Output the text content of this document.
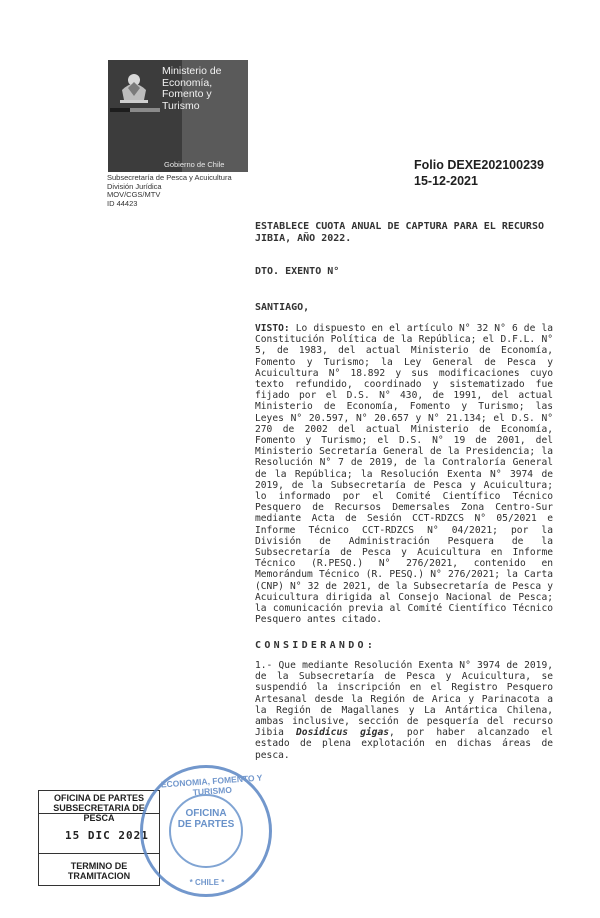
Ministerio de Economía, Fomento y Turismo
Gobierno de Chile
Subsecretaría de Pesca y Acuicultura
División Jurídica
MOV/CGS/MTV
ID 44423
Folio DEXE202100239
15-12-2021
ESTABLECE CUOTA ANUAL DE CAPTURA PARA EL RECURSO JIBIA, AÑO 2022.
DTO. EXENTO N°
SANTIAGO,
VISTO: Lo dispuesto en el artículo N° 32 N° 6 de la Constitución Política de la República; el D.F.L. N° 5, de 1983, del actual Ministerio de Economía, Fomento y Turismo; la Ley General de Pesca y Acuicultura N° 18.892 y sus modificaciones cuyo texto refundido, coordinado y sistematizado fue fijado por el D.S. N° 430, de 1991, del actual Ministerio de Economía, Fomento y Turismo; las Leyes N° 20.597, N° 20.657 y N° 21.134; el D.S. N° 270 de 2002 del actual Ministerio de Economía, Fomento y Turismo; el D.S. N° 19 de 2001, del Ministerio Secretaría General de la Presidencia; la Resolución N° 7 de 2019, de la Contraloría General de la República; la Resolución Exenta N° 3974 de 2019, de la Subsecretaría de Pesca y Acuicultura; lo informado por el Comité Científico Técnico Pesquero de Recursos Demersales Zona Centro-Sur mediante Acta de Sesión CCT-RDZCS N° 05/2021 e Informe Técnico CCT-RDZCS N° 04/2021; por la División de Administración Pesquera de la Subsecretaría de Pesca y Acuicultura en Informe Técnico (R.PESQ.) N° 276/2021, contenido en Memorándum Técnico (R. PESQ.) N° 276/2021; la Carta (CNP) N° 32 de 2021, de la Subsecretaría de Pesca y Acuicultura dirigida al Consejo Nacional de Pesca; la comunicación previa al Comité Científico Técnico Pesquero antes citado.
CONSIDERANDO:
1.- Que mediante Resolución Exenta N° 3974 de 2019, de la Subsecretaría de Pesca y Acuicultura, se suspendió la inscripción en el Registro Pesquero Artesanal desde la Región de Arica y Parinacota a la Región de Magallanes y La Antártica Chilena, ambas inclusive, sección de pesquería del recurso Jibia Dosidicus gigas, por haber alcanzado el estado de plena explotación en dichas áreas de pesca.
OFICINA DE PARTES
SUBSECRETARIA DE PESCA
15 DIC 2021
TERMINO DE TRAMITACION
ECONOMIA, FOMENTO Y TURISMO
OFICINA
DE PARTES
* CHILE *
